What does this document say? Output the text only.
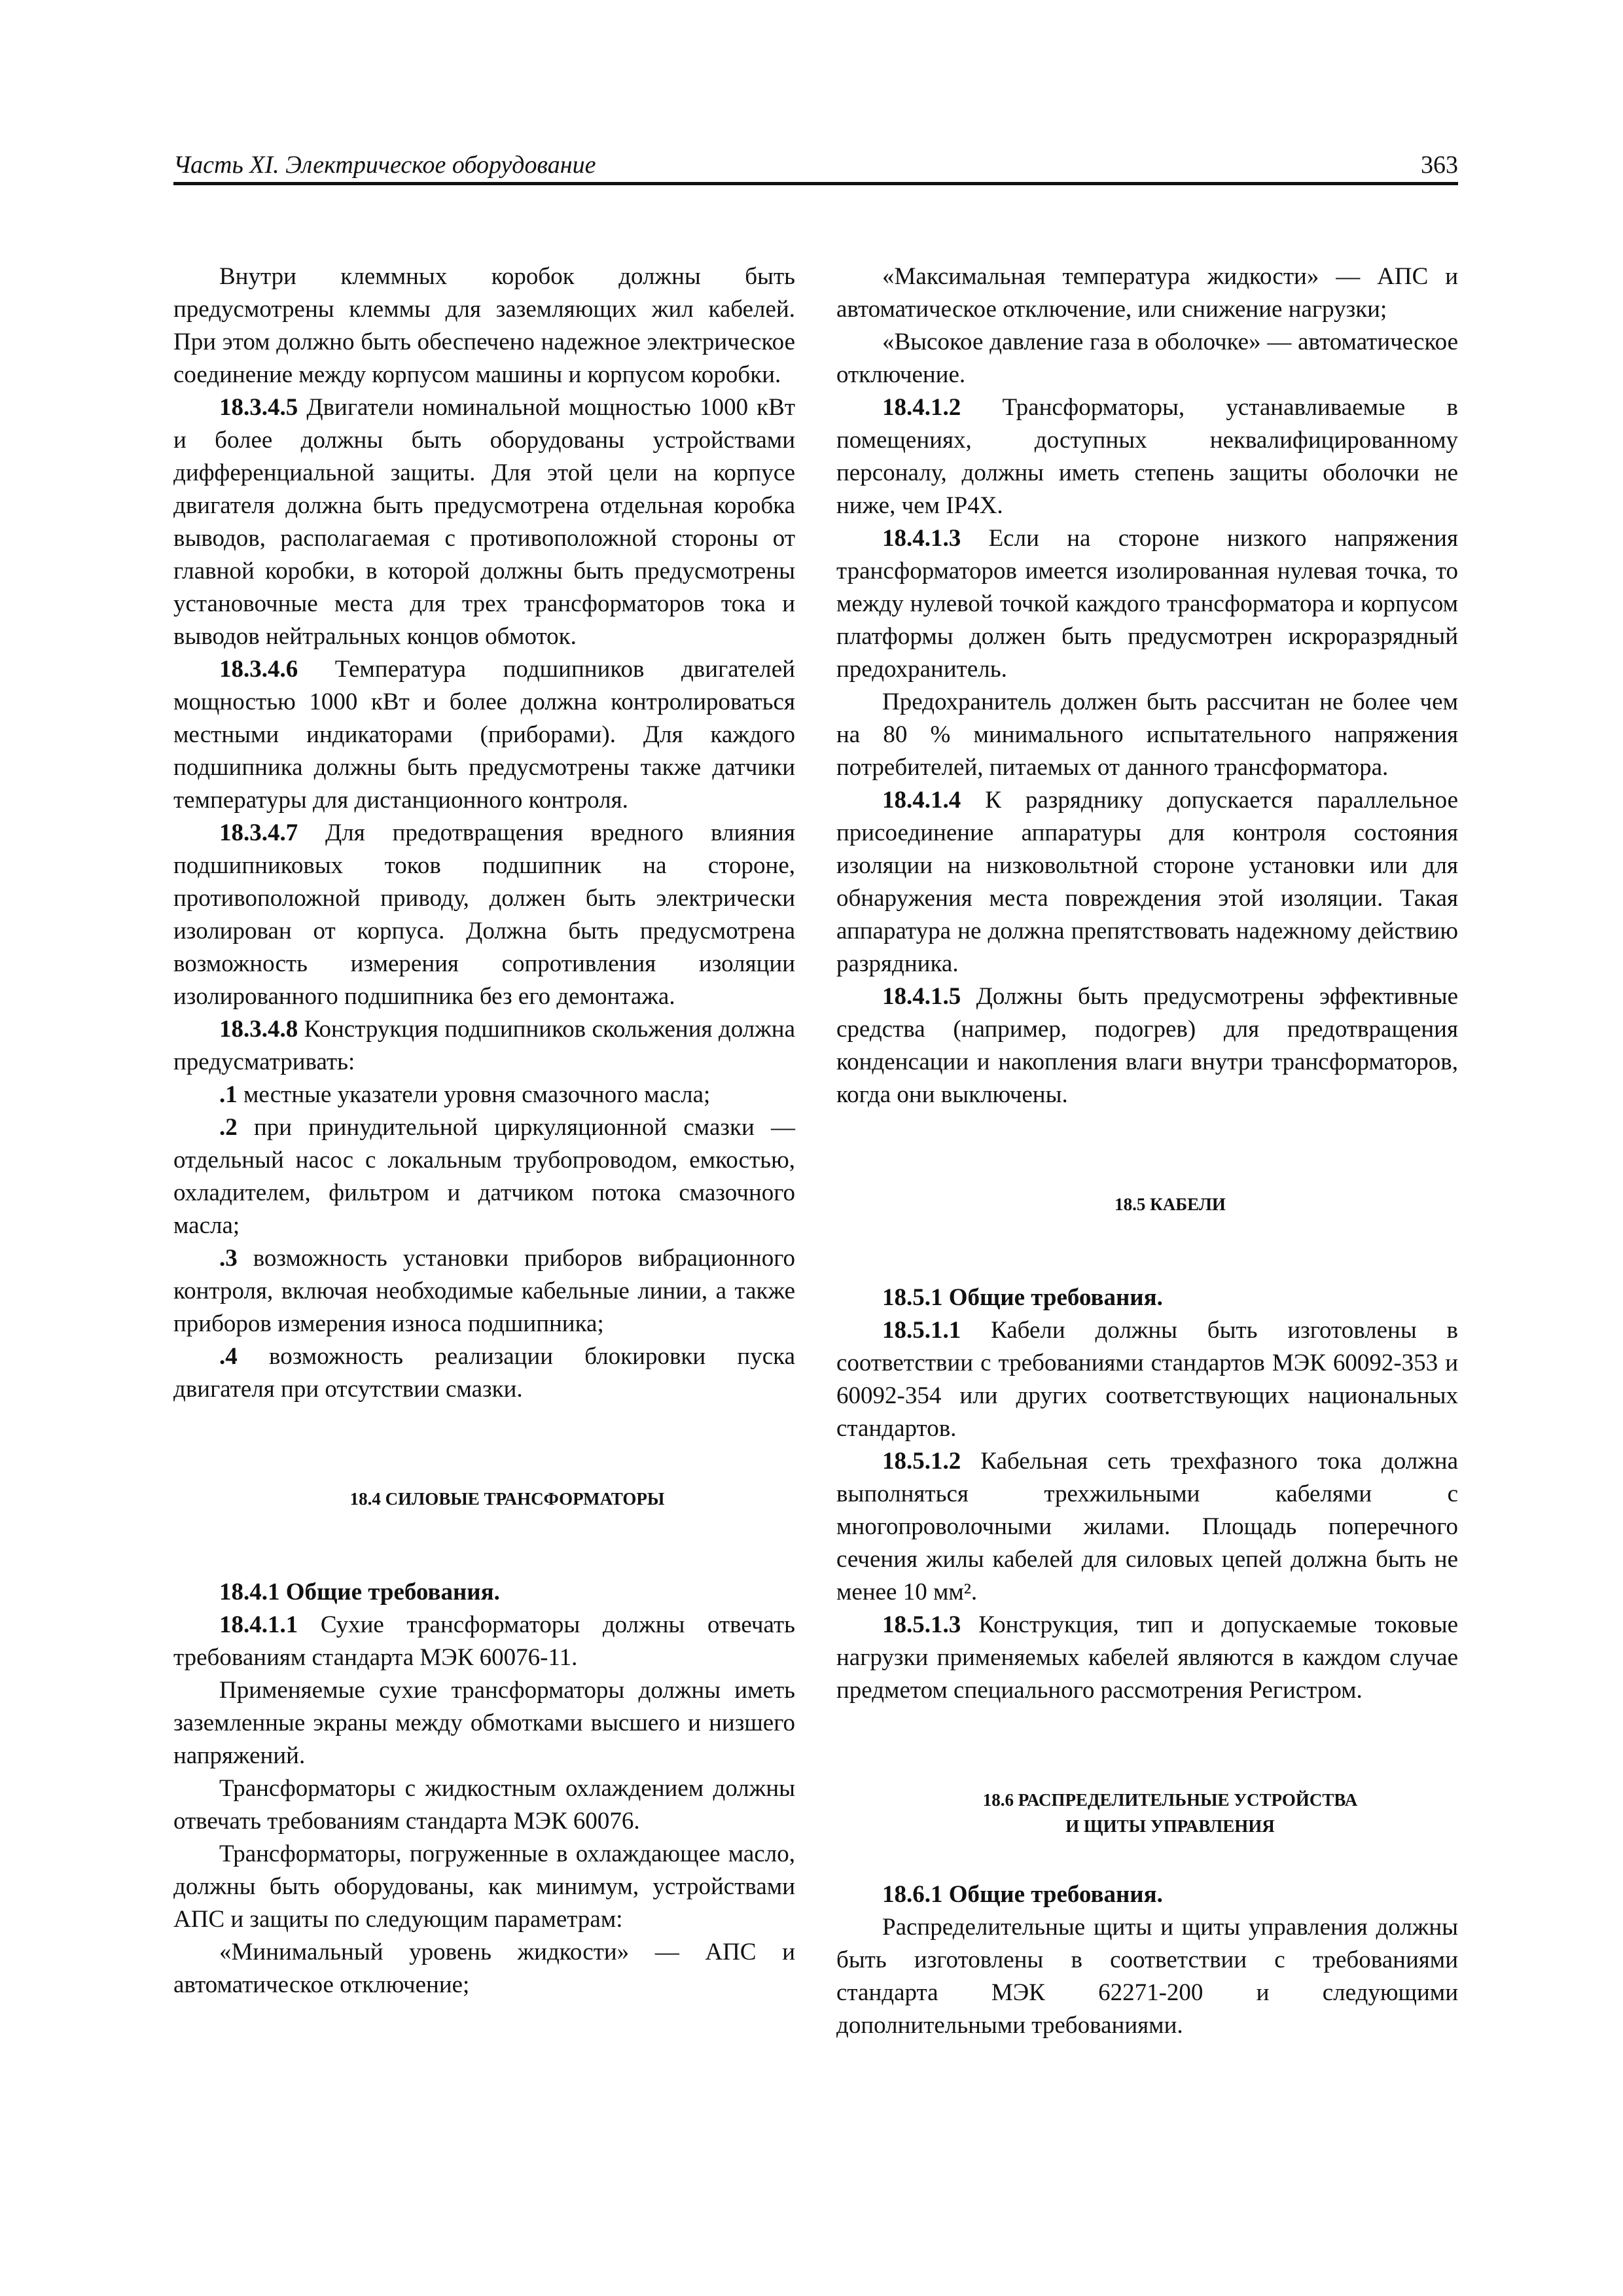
Часть XI. Электрическое оборудование	363

Внутри клеммных коробок должны быть предусмотрены клеммы для заземляющих жил кабелей. При этом должно быть обеспечено надежное электрическое соединение между корпусом машины и корпусом коробки.

18.3.4.5 Двигатели номинальной мощностью 1000 кВт и более должны быть оборудованы устройствами дифференциальной защиты. Для этой цели на корпусе двигателя должна быть предусмотрена отдельная коробка выводов, располагаемая с противоположной стороны от главной коробки, в которой должны быть предусмотрены установочные места для трех трансформаторов тока и выводов нейтральных концов обмоток.

18.3.4.6 Температура подшипников двигателей мощностью 1000 кВт и более должна контролироваться местными индикаторами (приборами). Для каждого подшипника должны быть предусмотрены также датчики температуры для дистанционного контроля.

18.3.4.7 Для предотвращения вредного влияния подшипниковых токов подшипник на стороне, противоположной приводу, должен быть электрически изолирован от корпуса. Должна быть предусмотрена возможность измерения сопротивления изоляции изолированного подшипника без его демонтажа.

18.3.4.8 Конструкция подшипников скольжения должна предусматривать:

.1 местные указатели уровня смазочного масла;

.2 при принудительной циркуляционной смазки — отдельный насос с локальным трубопроводом, емкостью, охладителем, фильтром и датчиком потока смазочного масла;

.3 возможность установки приборов вибрационного контроля, включая необходимые кабельные линии, а также приборов измерения износа подшипника;

.4 возможность реализации блокировки пуска двигателя при отсутствии смазки.

18.4 СИЛОВЫЕ ТРАНСФОРМАТОРЫ

18.4.1 Общие требования.

18.4.1.1 Сухие трансформаторы должны отвечать требованиям стандарта МЭК 60076-11.

Применяемые сухие трансформаторы должны иметь заземленные экраны между обмотками высшего и низшего напряжений.

Трансформаторы с жидкостным охлаждением должны отвечать требованиям стандарта МЭК 60076.

Трансформаторы, погруженные в охлаждающее масло, должны быть оборудованы, как минимум, устройствами АПС и защиты по следующим параметрам:

«Минимальный уровень жидкости» — АПС и автоматическое отключение;

«Максимальная температура жидкости» — АПС и автоматическое отключение, или снижение нагрузки;

«Высокое давление газа в оболочке» — автоматическое отключение.

18.4.1.2 Трансформаторы, устанавливаемые в помещениях, доступных неквалифицированному персоналу, должны иметь степень защиты оболочки не ниже, чем IP4X.

18.4.1.3 Если на стороне низкого напряжения трансформаторов имеется изолированная нулевая точка, то между нулевой точкой каждого трансформатора и корпусом платформы должен быть предусмотрен искроразрядный предохранитель.

Предохранитель должен быть рассчитан не более чем на 80 % минимального испытательного напряжения потребителей, питаемых от данного трансформатора.

18.4.1.4 К разряднику допускается параллельное присоединение аппаратуры для контроля состояния изоляции на низковольтной стороне установки или для обнаружения места повреждения этой изоляции. Такая аппаратура не должна препятствовать надежному действию разрядника.

18.4.1.5 Должны быть предусмотрены эффективные средства (например, подогрев) для предотвращения конденсации и накопления влаги внутри трансформаторов, когда они выключены.

18.5 КАБЕЛИ

18.5.1 Общие требования.

18.5.1.1 Кабели должны быть изготовлены в соответствии с требованиями стандартов МЭК 60092-353 и 60092-354 или других соответствующих национальных стандартов.

18.5.1.2 Кабельная сеть трехфазного тока должна выполняться трехжильными кабелями с многопроволочными жилами. Площадь поперечного сечения жилы кабелей для силовых цепей должна быть не менее 10 мм².

18.5.1.3 Конструкция, тип и допускаемые токовые нагрузки применяемых кабелей являются в каждом случае предметом специального рассмотрения Регистром.

18.6 РАСПРЕДЕЛИТЕЛЬНЫЕ УСТРОЙСТВА

И ЩИТЫ УПРАВЛЕНИЯ

18.6.1 Общие требования.

Распределительные щиты и щиты управления должны быть изготовлены в соответствии с требованиями стандарта МЭК 62271-200 и следующими дополнительными требованиями.
